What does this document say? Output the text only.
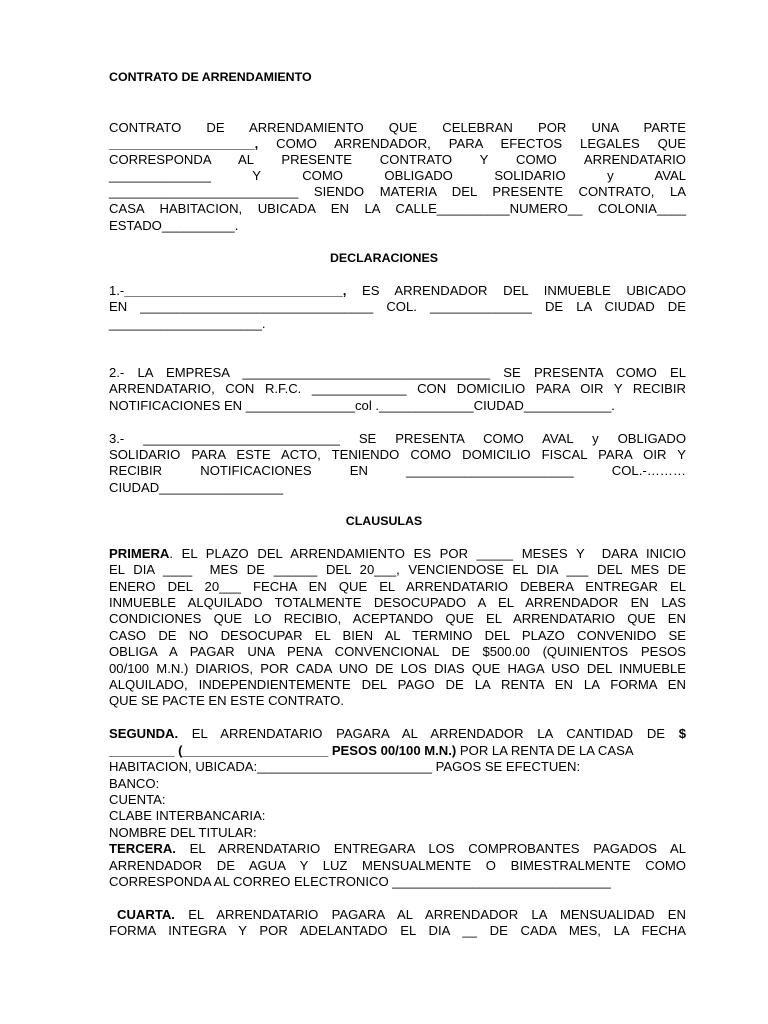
CONTRATO DE ARRENDAMIENTO
CONTRATO DE ARRENDAMIENTO QUE CELEBRAN POR UNA PARTE
____________________, COMO ARRENDADOR, PARA EFECTOS LEGALES QUE
CORRESPONDA AL PRESENTE CONTRATO Y COMO ARRENDATARIO
______________ Y COMO OBLIGADO SOLIDARIO y AVAL
__________________________ SIENDO MATERIA DEL PRESENTE CONTRATO, LA
CASA HABITACION, UBICADA EN LA CALLE__________NUMERO__ COLONIA____
ESTADO__________.
DECLARACIONES
1.-______________________________, ES ARRENDADOR DEL INMUEBLE UBICADO
EN ________________________________ COL. ______________ DE LA CIUDAD DE
_____________________.
2.- LA EMPRESA __________________________________ SE PRESENTA COMO EL
ARRENDATARIO, CON R.F.C. _____________ CON DOMICILIO PARA OIR Y RECIBIR
NOTIFICACIONES EN _______________col ._____________CIUDAD____________.
3.- ___________________________ SE PRESENTA COMO AVAL y OBLIGADO
SOLIDARIO PARA ESTE ACTO, TENIENDO COMO DOMICILIO FISCAL PARA OIR Y
RECIBIR NOTIFICACIONES EN _______________________ COL.-………
CIUDAD_________________
CLAUSULAS
PRIMERA. EL PLAZO DEL ARRENDAMIENTO ES POR _____ MESES Y  DARA INICIO
EL DIA ____  MES DE ______ DEL 20___, VENCIENDOSE EL DIA ___ DEL MES DE
ENERO DEL 20___ FECHA EN QUE EL ARRENDATARIO DEBERA ENTREGAR EL
INMUEBLE ALQUILADO TOTALMENTE DESOCUPADO A EL ARRENDADOR EN LAS
CONDICIONES QUE LO RECIBIO, ACEPTANDO QUE EL ARRENDATARIO QUE EN
CASO DE NO DESOCUPAR EL BIEN AL TERMINO DEL PLAZO CONVENIDO SE
OBLIGA A PAGAR UNA PENA CONVENCIONAL DE $500.00 (QUINIENTOS PESOS
00/100 M.N.) DIARIOS, POR CADA UNO DE LOS DIAS QUE HAGA USO DEL INMUEBLE
ALQUILADO, INDEPENDIENTEMENTE DEL PAGO DE LA RENTA EN LA FORMA EN
QUE SE PACTE EN ESTE CONTRATO.
SEGUNDA. EL ARRENDATARIO PAGARA AL ARRENDADOR LA CANTIDAD DE $
_________ (____________________ PESOS 00/100 M.N.) POR LA RENTA DE LA CASA
HABITACION, UBICADA:________________________ PAGOS SE EFECTUEN:
BANCO:
CUENTA:
CLABE INTERBANCARIA:
NOMBRE DEL TITULAR:
TERCERA. EL ARRENDATARIO ENTREGARA LOS COMPROBANTES PAGADOS AL
ARRENDADOR DE AGUA Y LUZ MENSUALMENTE O BIMESTRALMENTE COMO
CORRESPONDA AL CORREO ELECTRONICO ______________________________
CUARTA. EL ARRENDATARIO PAGARA AL ARRENDADOR LA MENSUALIDAD EN
FORMA INTEGRA Y POR ADELANTADO EL DIA __ DE CADA MES, LA FECHA
